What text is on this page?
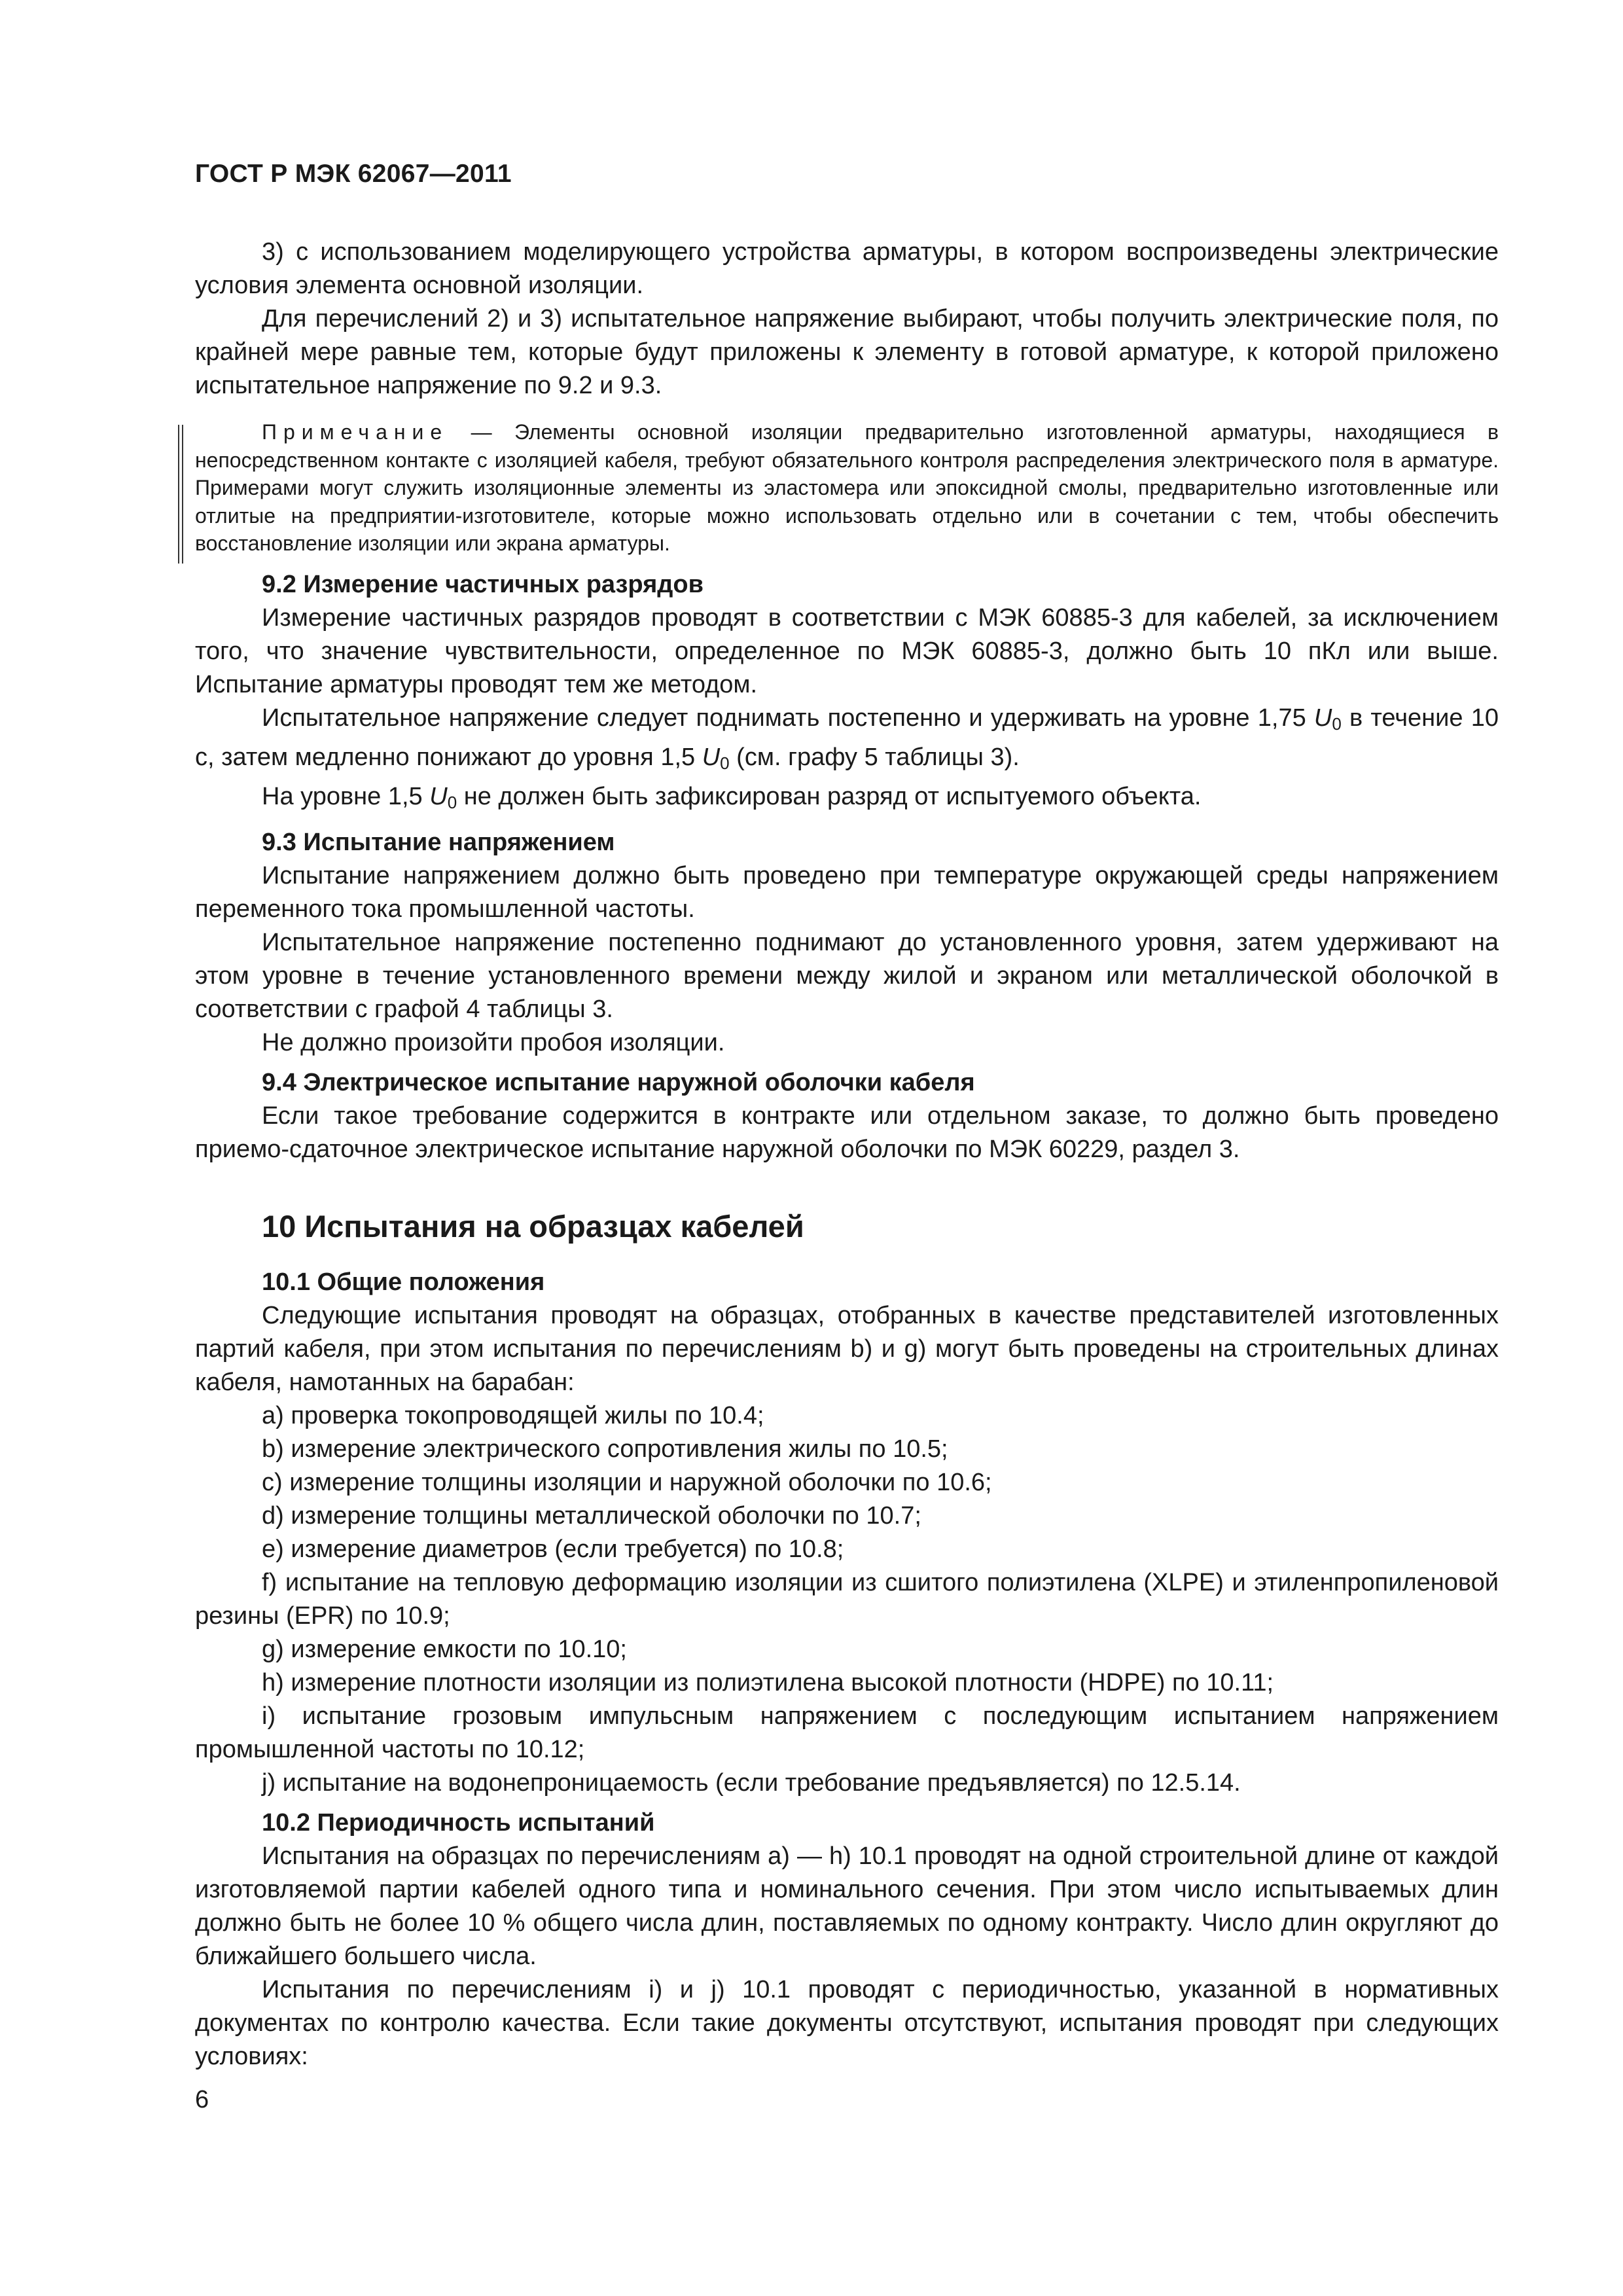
ГОСТ Р МЭК 62067—2011

3) с использованием моделирующего устройства арматуры, в котором воспроизведены электрические условия элемента основной изоляции.

Для перечислений 2) и 3) испытательное напряжение выбирают, чтобы получить электрические поля, по крайней мере равные тем, которые будут приложены к элементу в готовой арматуре, к которой приложено испытательное напряжение по 9.2 и 9.3.

Примечание — Элементы основной изоляции предварительно изготовленной арматуры, находящиеся в непосредственном контакте с изоляцией кабеля, требуют обязательного контроля распределения электрического поля в арматуре. Примерами могут служить изоляционные элементы из эластомера или эпоксидной смолы, предварительно изготовленные или отлитые на предприятии-изготовителе, которые можно использовать отдельно или в сочетании с тем, чтобы обеспечить восстановление изоляции или экрана арматуры.

9.2 Измерение частичных разрядов

Измерение частичных разрядов проводят в соответствии с МЭК 60885-3 для кабелей, за исключением того, что значение чувствительности, определенное по МЭК 60885-3, должно быть 10 пКл или выше. Испытание арматуры проводят тем же методом.

Испытательное напряжение следует поднимать постепенно и удерживать на уровне 1,75 $U_0$ в течение 10 с, затем медленно понижают до уровня 1,5 $U_0$ (см. графу 5 таблицы 3).

На уровне 1,5 $U_0$ не должен быть зафиксирован разряд от испытуемого объекта.

9.3 Испытание напряжением

Испытание напряжением должно быть проведено при температуре окружающей среды напряжением переменного тока промышленной частоты.

Испытательное напряжение постепенно поднимают до установленного уровня, затем удерживают на этом уровне в течение установленного времени между жилой и экраном или металлической оболочкой в соответствии с графой 4 таблицы 3.

Не должно произойти пробоя изоляции.

9.4 Электрическое испытание наружной оболочки кабеля

Если такое требование содержится в контракте или отдельном заказе, то должно быть проведено приемо-сдаточное электрическое испытание наружной оболочки по МЭК 60229, раздел 3.

10 Испытания на образцах кабелей

10.1 Общие положения

Следующие испытания проводят на образцах, отобранных в качестве представителей изготовленных партий кабеля, при этом испытания по перечислениям b) и g) могут быть проведены на строительных длинах кабеля, намотанных на барабан:

a) проверка токопроводящей жилы по 10.4;

b) измерение электрического сопротивления жилы по 10.5;

c) измерение толщины изоляции и наружной оболочки по 10.6;

d) измерение толщины металлической оболочки по 10.7;

e) измерение диаметров (если требуется) по 10.8;

f) испытание на тепловую деформацию изоляции из сшитого полиэтилена (XLPE) и этиленпропиленовой резины (EPR) по 10.9;

g) измерение емкости по 10.10;

h) измерение плотности изоляции из полиэтилена высокой плотности (HDPE) по 10.11;

i) испытание грозовым импульсным напряжением с последующим испытанием напряжением промышленной частоты по 10.12;

j) испытание на водонепроницаемость (если требование предъявляется) по 12.5.14.

10.2 Периодичность испытаний

Испытания на образцах по перечислениям a) — h) 10.1 проводят на одной строительной длине от каждой изготовляемой партии кабелей одного типа и номинального сечения. При этом число испытываемых длин должно быть не более 10 % общего числа длин, поставляемых по одному контракту. Число длин округляют до ближайшего большего числа.

Испытания по перечислениям i) и j) 10.1 проводят с периодичностью, указанной в нормативных документах по контролю качества. Если такие документы отсутствуют, испытания проводят при следующих условиях:

6
